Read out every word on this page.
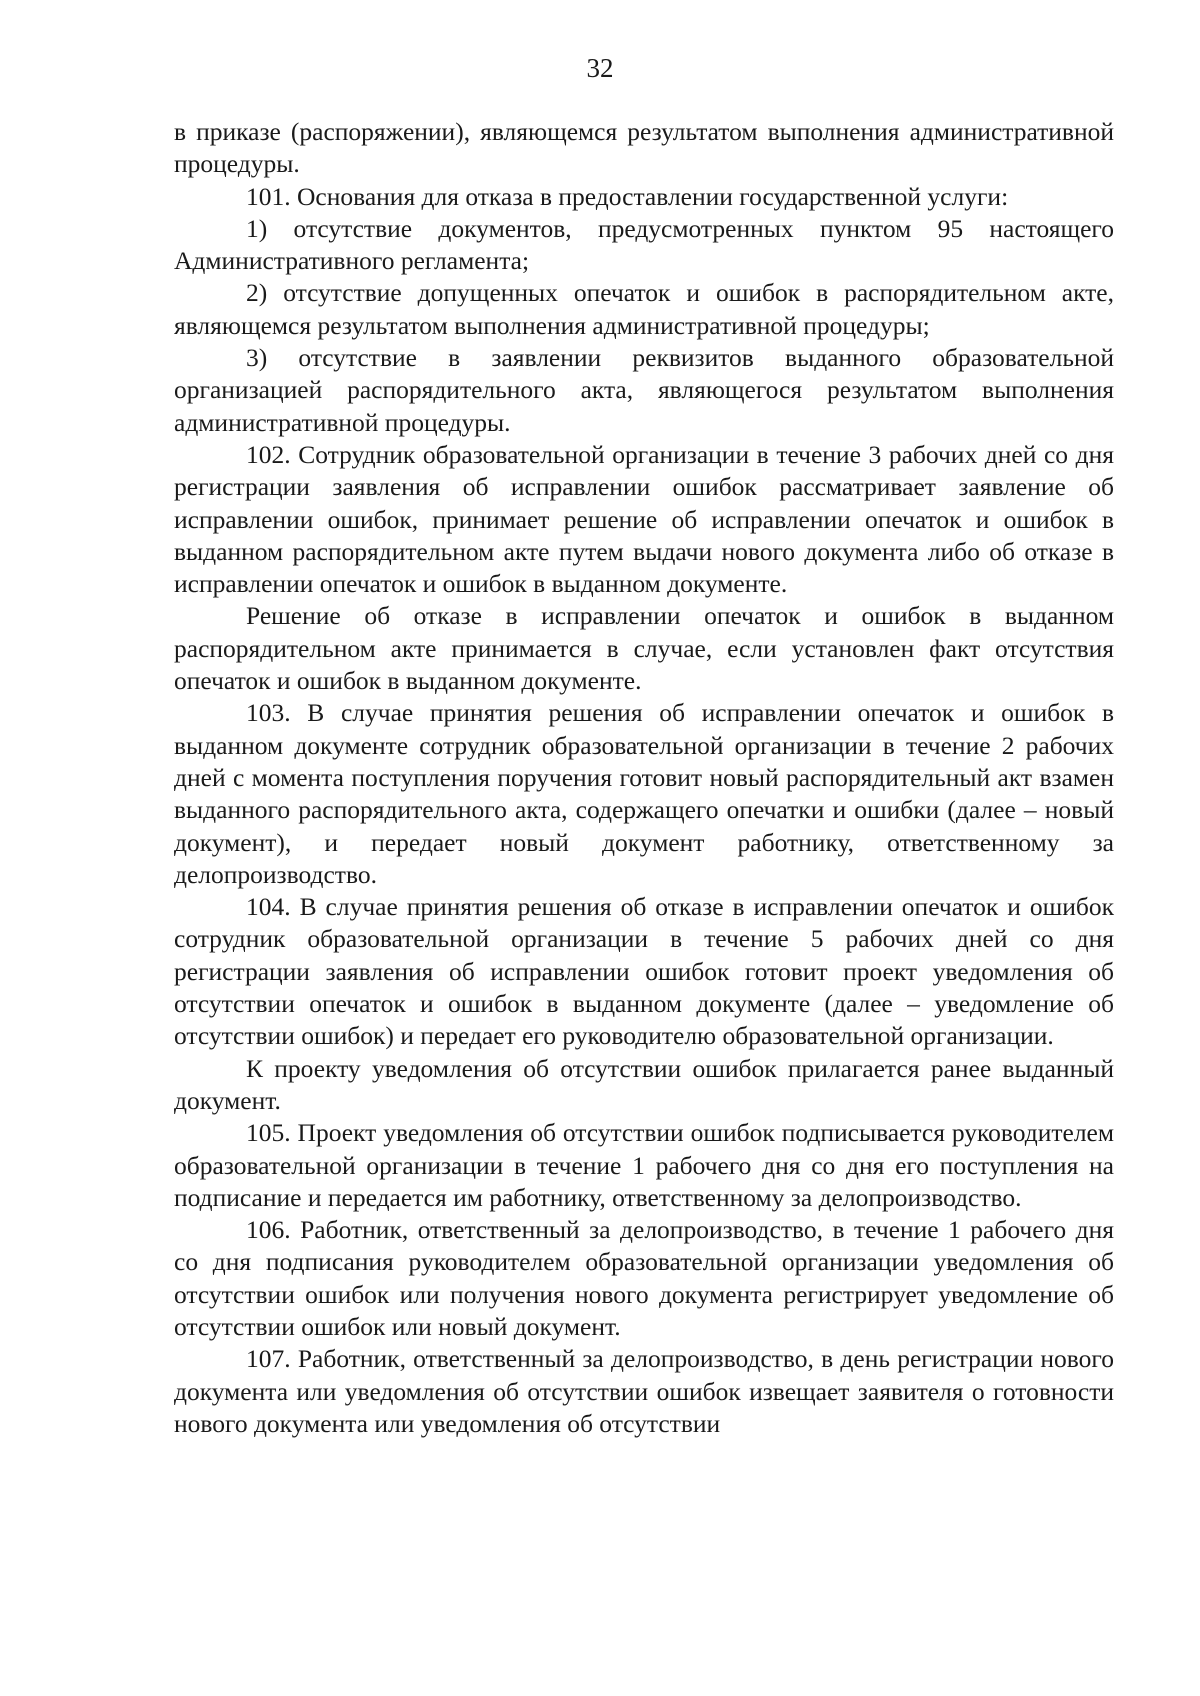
32

в приказе (распоряжении), являющемся результатом выполнения административной процедуры.

101. Основания для отказа в предоставлении государственной услуги:

1) отсутствие документов, предусмотренных пунктом 95 настоящего Административного регламента;

2) отсутствие допущенных опечаток и ошибок в распорядительном акте, являющемся результатом выполнения административной процедуры;

3) отсутствие в заявлении реквизитов выданного образовательной организацией распорядительного акта, являющегося результатом выполнения административной процедуры.

102. Сотрудник образовательной организации в течение 3 рабочих дней со дня регистрации заявления об исправлении ошибок рассматривает заявление об исправлении ошибок, принимает решение об исправлении опечаток и ошибок в выданном распорядительном акте путем выдачи нового документа либо об отказе в исправлении опечаток и ошибок в выданном документе.

Решение об отказе в исправлении опечаток и ошибок в выданном распорядительном акте принимается в случае, если установлен факт отсутствия опечаток и ошибок в выданном документе.

103. В случае принятия решения об исправлении опечаток и ошибок в выданном документе сотрудник образовательной организации в течение 2 рабочих дней с момента поступления поручения готовит новый распорядительный акт взамен выданного распорядительного акта, содержащего опечатки и ошибки (далее – новый документ), и передает новый документ работнику, ответственному за делопроизводство.

104. В случае принятия решения об отказе в исправлении опечаток и ошибок сотрудник образовательной организации в течение 5 рабочих дней со дня регистрации заявления об исправлении ошибок готовит проект уведомления об отсутствии опечаток и ошибок в выданном документе (далее – уведомление об отсутствии ошибок) и передает его руководителю образовательной организации.

К проекту уведомления об отсутствии ошибок прилагается ранее выданный документ.

105. Проект уведомления об отсутствии ошибок подписывается руководителем образовательной организации в течение 1 рабочего дня со дня его поступления на подписание и передается им работнику, ответственному за делопроизводство.

106. Работник, ответственный за делопроизводство, в течение 1 рабочего дня со дня подписания руководителем образовательной организации уведомления об отсутствии ошибок или получения нового документа регистрирует уведомление об отсутствии ошибок или новый документ.

107. Работник, ответственный за делопроизводство, в день регистрации нового документа или уведомления об отсутствии ошибок извещает заявителя о готовности нового документа или уведомления об отсутствии
